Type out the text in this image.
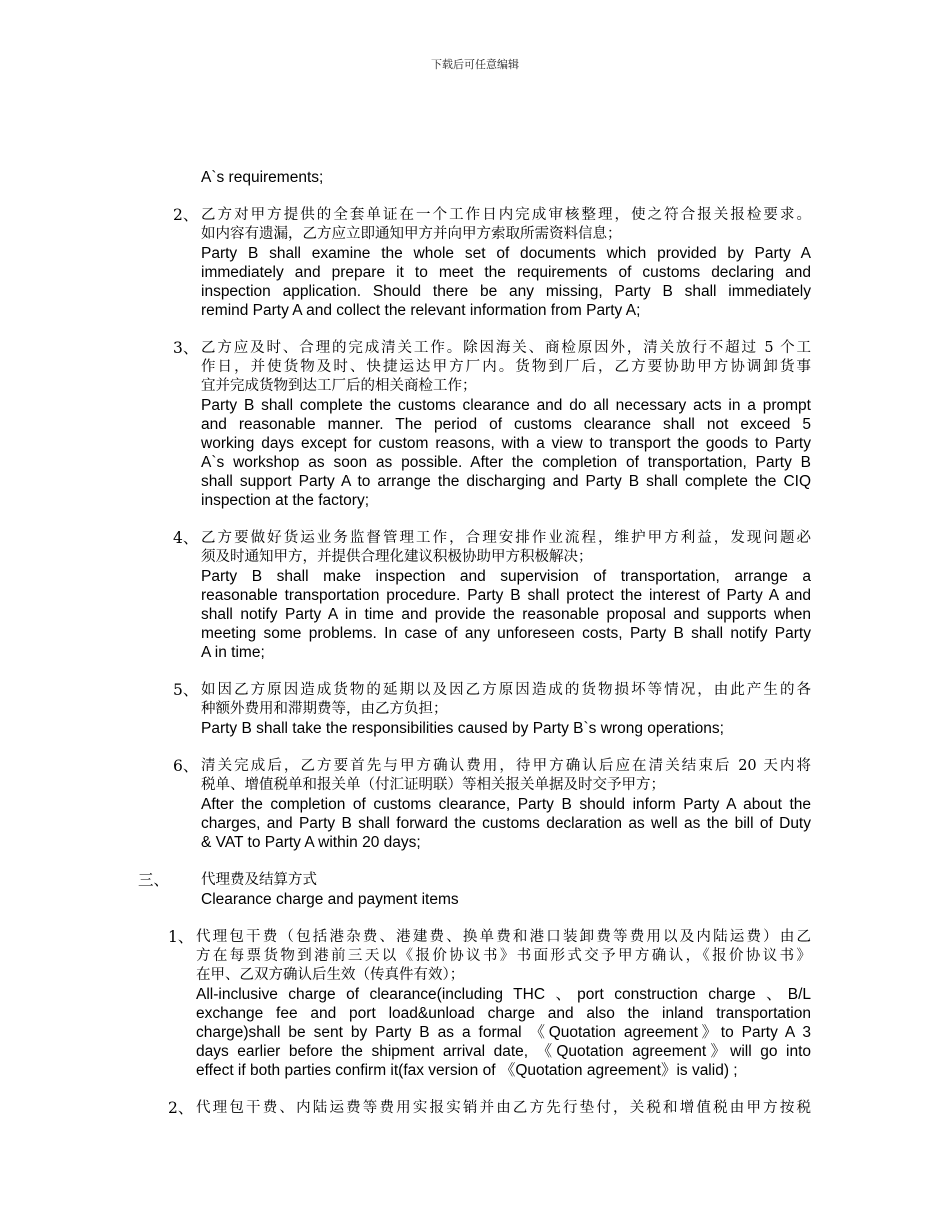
下载后可任意编辑
A`s requirements;
2、 乙方对甲方提供的全套单证在一个工作日内完成审核整理，使之符合报关报检要求。
如内容有遗漏，乙方应立即通知甲方并向甲方索取所需资料信息；
Party B shall examine the whole set of documents which provided by Party A
immediately and prepare it to meet the requirements of customs declaring and
inspection application. Should there be any missing, Party B shall immediately
remind Party A and collect the relevant information from Party A;
3、 乙方应及时、合理的完成清关工作。除因海关、商检原因外，清关放行不超过 5 个工
作日，并使货物及时、快捷运达甲方厂内。货物到厂后，乙方要协助甲方协调卸货事
宜并完成货物到达工厂后的相关商检工作；
Party B shall complete the customs clearance and do all necessary acts in a prompt
and reasonable manner. The period of customs clearance shall not exceed 5
working days except for custom reasons, with a view to transport the goods to Party
A`s workshop as soon as possible. After the completion of transportation, Party B
shall support Party A to arrange the discharging and Party B shall complete the CIQ
inspection at the factory;
4、 乙方要做好货运业务监督管理工作，合理安排作业流程，维护甲方利益，发现问题必
须及时通知甲方，并提供合理化建议积极协助甲方积极解决；
Party B shall make inspection and supervision of transportation, arrange a
reasonable transportation procedure. Party B shall protect the interest of Party A and
shall notify Party A in time and provide the reasonable proposal and supports when
meeting some problems. In case of any unforeseen costs, Party B shall notify Party
A in time;
5、 如因乙方原因造成货物的延期以及因乙方原因造成的货物损坏等情况，由此产生的各
种额外费用和滞期费等，由乙方负担；
Party B shall take the responsibilities caused by Party B`s wrong operations;
6、 清关完成后，乙方要首先与甲方确认费用，待甲方确认后应在清关结束后 20 天内将
税单、增值税单和报关单（付汇证明联）等相关报关单据及时交予甲方；
After the completion of customs clearance, Party B should inform Party A about the
charges, and Party B shall forward the customs declaration as well as the bill of Duty
& VAT to Party A within 20 days;
三、 代理费及结算方式
Clearance charge and payment items
1、 代理包干费（包括港杂费、港建费、换单费和港口装卸费等费用以及内陆运费）由乙
方在每票货物到港前三天以《报价协议书》书面形式交予甲方确认，《报价协议书》
在甲、乙双方确认后生效（传真件有效）；
All-inclusive charge of clearance(including THC 、port construction charge 、B/L
exchange fee and port load&unload charge and also the inland transportation
charge)shall be sent by Party B as a formal 《Quotation agreement》to Party A 3
days earlier before the shipment arrival date, 《Quotation agreement》will go into
effect if both parties confirm it(fax version of 《Quotation agreement》is valid) ;
2、 代理包干费、内陆运费等费用实报实销并由乙方先行垫付，关税和增值税由甲方按税
